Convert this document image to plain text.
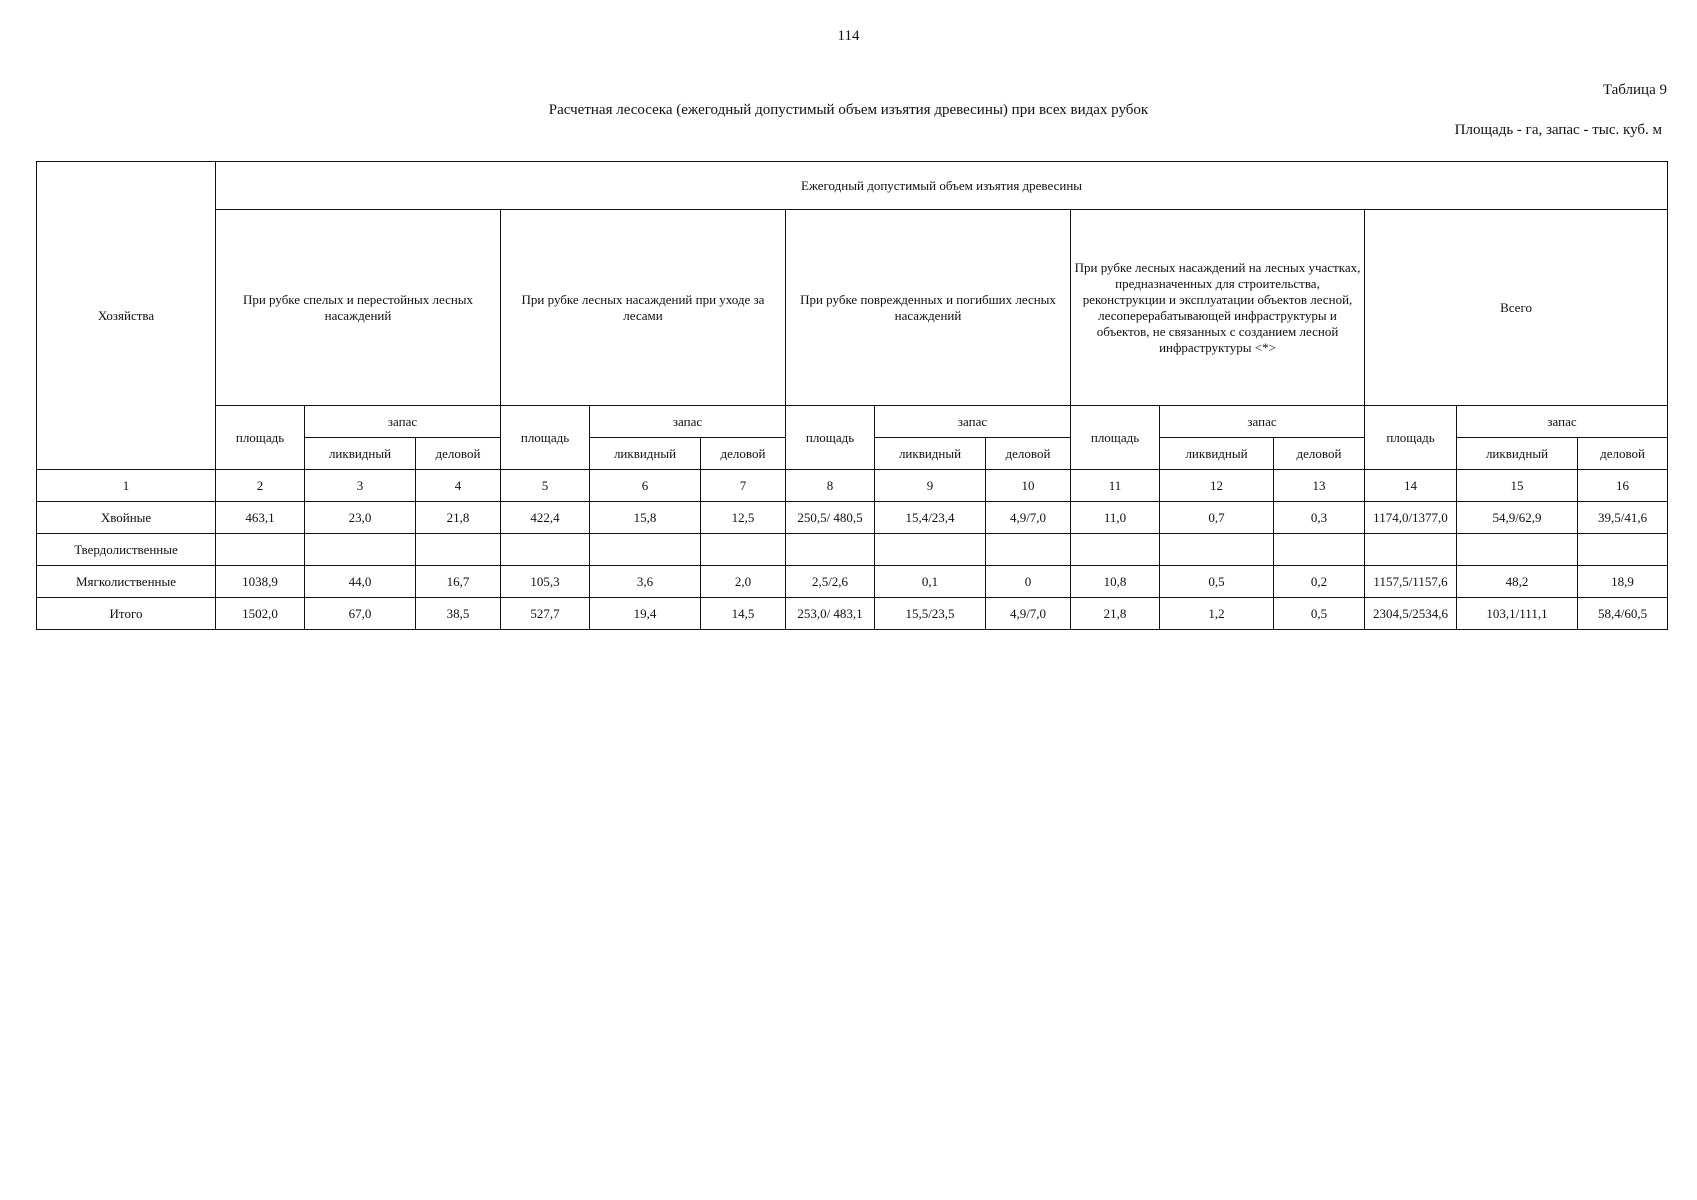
114
Таблица 9
Расчетная лесосека (ежегодный допустимый объем изъятия древесины) при всех видах рубок
Площадь - га, запас - тыс. куб. м
Хозяйства	Ежегодный допустимый объем изъятия древесины														
	При рубке спелых и перестойных лесных насаждений			При рубке лесных насаждений при уходе за лесами			При рубке поврежденных и погибших лесных насаждений			При рубке лесных насаждений на лесных участках, предназначенных для строительства, реконструкции и эксплуатации объектов лесной, лесоперерабатывающей инфраструктуры и объектов, не связанных с созданием лесной инфраструктуры <*>			Всего		
	площадь	запас		площадь	запас		площадь	запас		площадь	запас		площадь	запас	
		ликвидный	деловой		ликвидный	деловой		ликвидный	деловой		ликвидный	деловой		ликвидный	деловой
1	2	3	4	5	6	7	8	9	10	11	12	13	14	15	16
Хвойные	463,1	23,0	21,8	422,4	15,8	12,5	250,5/ 480,5	15,4/23,4	4,9/7,0	11,0	0,7	0,3	1174,0/1377,0	54,9/62,9	39,5/41,6
Твердолиственные															
Мягколиственные	1038,9	44,0	16,7	105,3	3,6	2,0	2,5/2,6	0,1	0	10,8	0,5	0,2	1157,5/1157,6	48,2	18,9
Итого	1502,0	67,0	38,5	527,7	19,4	14,5	253,0/ 483,1	15,5/23,5	4,9/7,0	21,8	1,2	0,5	2304,5/2534,6	103,1/111,1	58,4/60,5
